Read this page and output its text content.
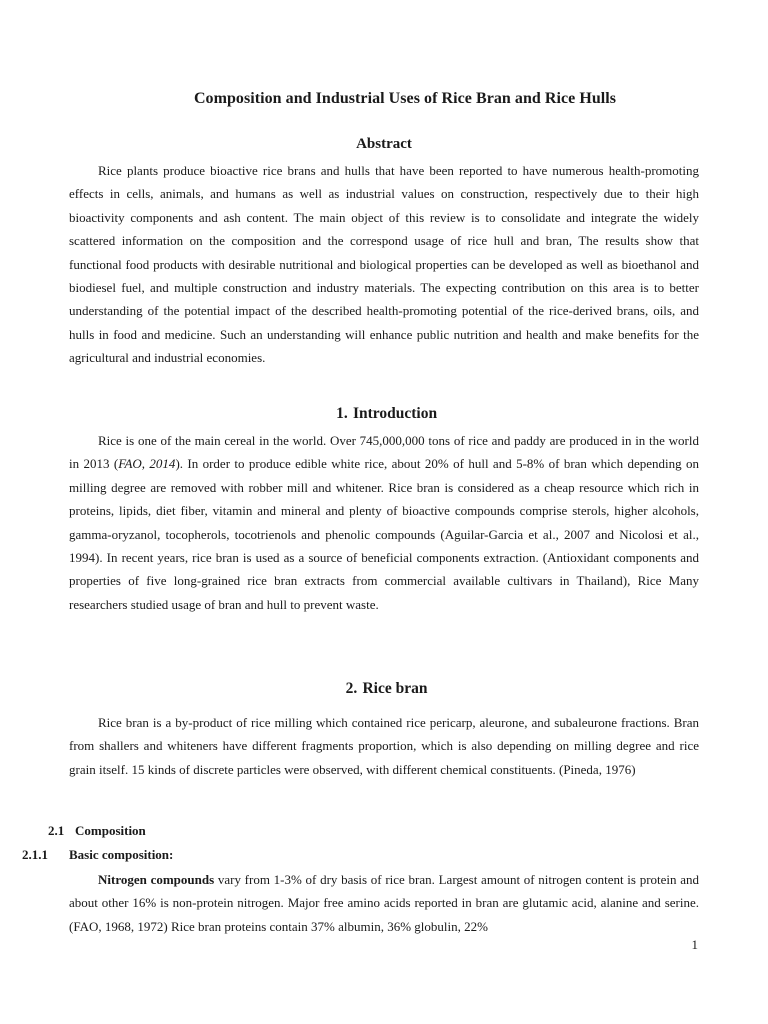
Composition and Industrial Uses of Rice Bran and Rice Hulls
Abstract

Rice plants produce bioactive rice brans and hulls that have been reported to have numerous health-promoting effects in cells, animals, and humans as well as industrial values on construction, respectively due to their high bioactivity components and ash content. The main object of this review is to consolidate and integrate the widely scattered information on the composition and the correspond usage of rice hull and bran, The results show that functional food products with desirable nutritional and biological properties can be developed as well as bioethanol and biodiesel fuel, and multiple construction and industry materials. The expecting contribution on this area is to better understanding of the potential impact of the described health-promoting potential of the rice-derived brans, oils, and hulls in food and medicine. Such an understanding will enhance public nutrition and health and make benefits for the agricultural and industrial economies.

1. Introduction

Rice is one of the main cereal in the world. Over 745,000,000 tons of rice and paddy are produced in in the world in 2013 (FAO, 2014). In order to produce edible white rice, about 20% of hull and 5-8% of bran which depending on milling degree are removed with robber mill and whitener. Rice bran is considered as a cheap resource which rich in proteins, lipids, diet fiber, vitamin and mineral and plenty of bioactive compounds comprise sterols, higher alcohols, gamma-oryzanol, tocopherols, tocotrienols and phenolic compounds (Aguilar-Garcia et al., 2007 and Nicolosi et al., 1994). In recent years, rice bran is used as a source of beneficial components extraction. (Antioxidant components and properties of five long-grained rice bran extracts from commercial available cultivars in Thailand), Rice Many researchers studied usage of bran and hull to prevent waste.

2. Rice bran

Rice bran is a by-product of rice milling which contained rice pericarp, aleurone, and subaleurone fractions. Bran from shallers and whiteners have different fragments proportion, which is also depending on milling degree and rice grain itself. 15 kinds of discrete particles were observed, with different chemical constituents. (Pineda, 1976)

2.1 Composition
2.1.1 Basic composition:

Nitrogen compounds vary from 1-3% of dry basis of rice bran. Largest amount of nitrogen content is protein and about other 16% is non-protein nitrogen. Major free amino acids reported in bran are glutamic acid, alanine and serine. (FAO, 1968, 1972) Rice bran proteins contain 37% albumin, 36% globulin, 22%

1
